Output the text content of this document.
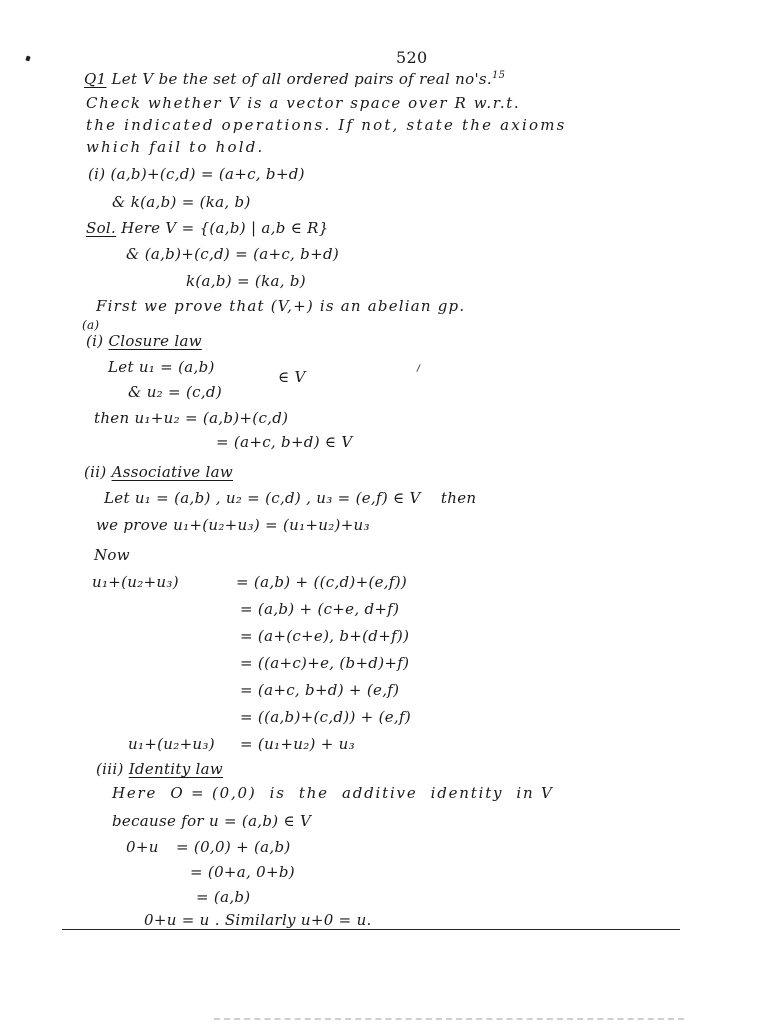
520
Q1 Let V be the set of all ordered pairs of real no's.$^{15}$
Check whether V is a vector space over R w.r.t.
the indicated operations. If not, state the axioms
which fail to hold.
(i) (a,b)+(c,d) = (a+c, b+d)
& k(a,b) = (ka, b)
Sol. Here V = {(a,b) | a,b ∈ R}
& (a,b)+(c,d) = (a+c, b+d)
k(a,b) = (ka, b)
First we prove that (V,+) is an abelian gp.
(a)
(i) Closure law
Let u₁ = (a,b)
& u₂ = (c,d)
∈ V
then u₁+u₂ = (a,b)+(c,d)
= (a+c, b+d) ∈ V
(ii) Associative law
Let u₁ = (a,b) , u₂ = (c,d) , u₃ = (e,f) ∈ V    then
we prove u₁+(u₂+u₃) = (u₁+u₂)+u₃
Now
u₁+(u₂+u₃)	= (a,b) + ((c,d)+(e,f))
= (a,b) + (c+e, d+f)
= (a+(c+e), b+(d+f))
= ((a+c)+e, (b+d)+f)
= (a+c, b+d) + (e,f)
= ((a,b)+(c,d)) + (e,f)
u₁+(u₂+u₃) = (u₁+u₂) + u₃
(iii) Identity law
Here  O = (0,0)  is  the  additive  identity  in V
because for u = (a,b) ∈ V
0+u = (0,0) + (a,b)
= (0+a, 0+b)
= (a,b)
0+u = u . Similarly u+0 = u.
